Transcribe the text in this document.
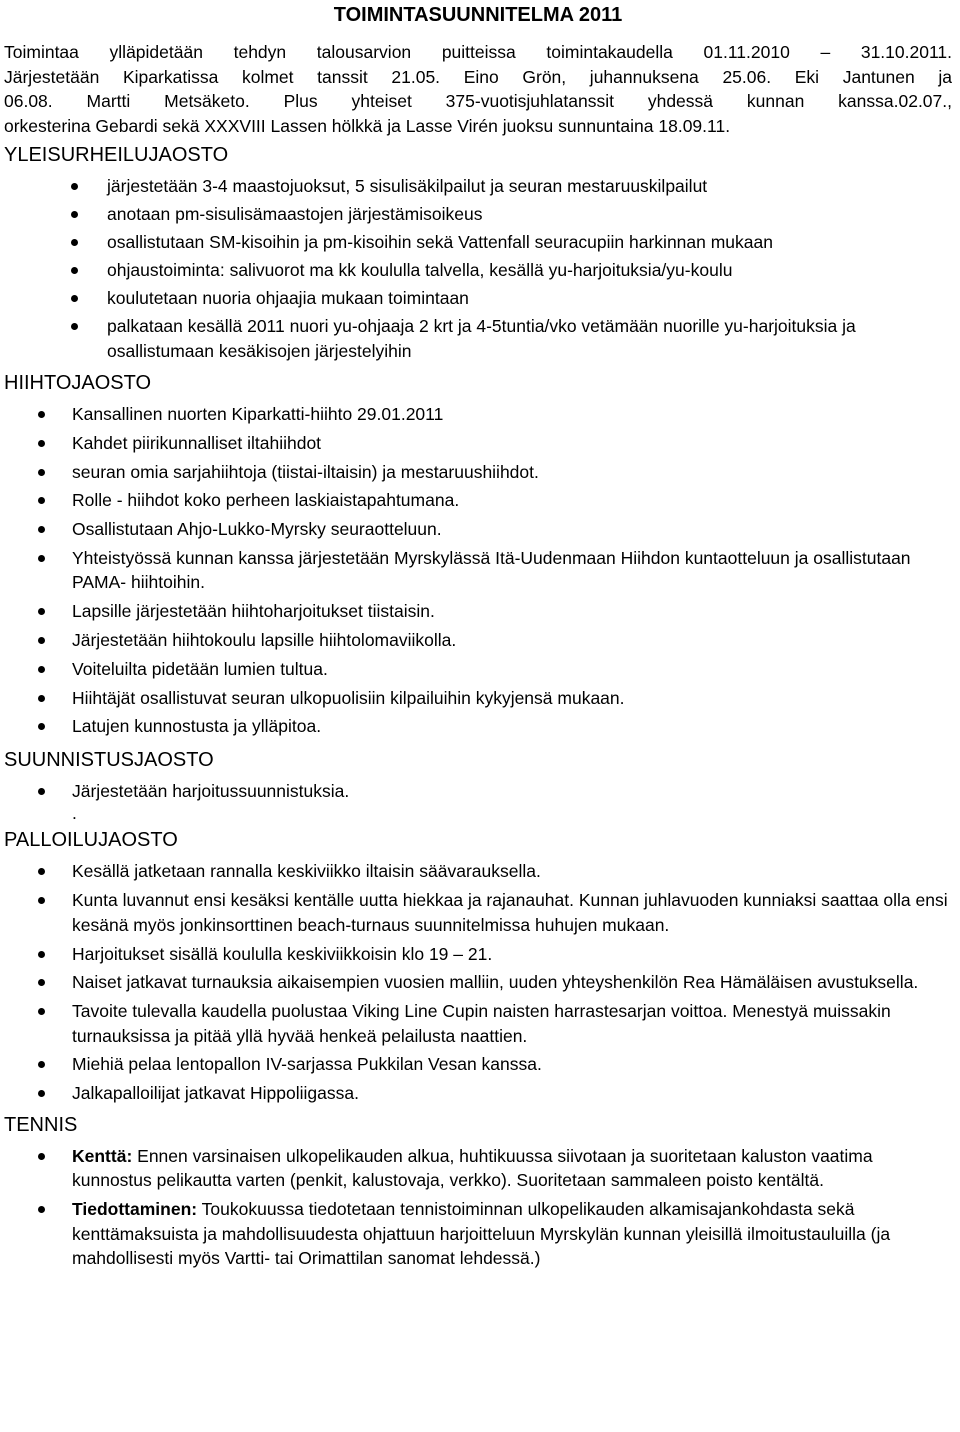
TOIMINTASUUNNITELMA 2011

Toimintaa ylläpidetään tehdyn talousarvion puitteissa toimintakaudella 01.11.2010 – 31.10.2011.

Järjestetään Kiparkatissa kolmet tanssit 21.05. Eino Grön, juhannuksena 25.06. Eki Jantunen ja

06.08. Martti Metsäketo. Plus yhteiset 375-vuotisjuhlatanssit yhdessä kunnan kanssa.02.07.,

orkesterina Gebardi sekä XXXVIII Lassen hölkkä ja Lasse Virén juoksu sunnuntaina 18.09.11.

YLEISURHEILUJAOSTO
järjestetään 3-4 maastojuoksut, 5 sisulisäkilpailut ja seuran mestaruuskilpailut
anotaan pm-sisulisämaastojen järjestämisoikeus
osallistutaan SM-kisoihin ja pm-kisoihin sekä Vattenfall seuracupiin harkinnan mukaan
ohjaustoiminta: salivuorot ma kk koululla talvella, kesällä yu-harjoituksia/yu-koulu
koulutetaan nuoria ohjaajia mukaan toimintaan
palkataan kesällä 2011 nuori yu-ohjaaja 2 krt ja 4-5tuntia/vko vetämään nuorille yu-harjoituksia ja osallistumaan kesäkisojen järjestelyihin
HIIHTOJAOSTO
Kansallinen nuorten Kiparkatti-hiihto 29.01.2011
Kahdet piirikunnalliset iltahiihdot
seuran omia sarjahiihtoja (tiistai-iltaisin) ja mestaruushiihdot.
Rolle - hiihdot koko perheen laskiaistapahtumana.
Osallistutaan Ahjo-Lukko-Myrsky seuraotteluun.
Yhteistyössä kunnan kanssa järjestetään Myrskylässä Itä-Uudenmaan Hiihdon kuntaotteluun ja osallistutaan PAMA- hiihtoihin.
Lapsille järjestetään hiihtoharjoitukset tiistaisin.
Järjestetään hiihtokoulu lapsille hiihtolomaviikolla.
Voiteluilta pidetään lumien tultua.
Hiihtäjät osallistuvat seuran ulkopuolisiin kilpailuihin kykyjensä mukaan.
Latujen kunnostusta ja ylläpitoa.
SUUNNISTUSJAOSTO
Järjestetään harjoitussuunnistuksia.
.
PALLOILUJAOSTO
Kesällä jatketaan rannalla keskiviikko iltaisin säävarauksella.
Kunta luvannut ensi kesäksi kentälle uutta hiekkaa ja rajanauhat. Kunnan juhlavuoden kunniaksi saattaa olla ensi kesänä myös jonkinsorttinen beach-turnaus suunnitelmissa huhujen mukaan.
Harjoitukset sisällä koululla keskiviikkoisin klo 19 – 21.
Naiset jatkavat turnauksia aikaisempien vuosien malliin, uuden yhteyshenkilön Rea Hämäläisen avustuksella.
Tavoite tulevalla kaudella puolustaa Viking Line Cupin naisten harrastesarjan voittoa. Menestyä muissakin turnauksissa ja pitää yllä hyvää henkeä pelailusta naattien.
Miehiä pelaa lentopallon IV-sarjassa Pukkilan Vesan kanssa.
Jalkapalloilijat jatkavat Hippoliigassa.
TENNIS
Kenttä: Ennen varsinaisen ulkopelikauden alkua, huhtikuussa siivotaan ja suoritetaan kaluston vaatima kunnostus pelikautta varten (penkit, kalustovaja, verkko). Suoritetaan sammaleen poisto kentältä.
Tiedottaminen: Toukokuussa tiedotetaan tennistoiminnan ulkopelikauden alkamisajankohdasta sekä kenttämaksuista ja mahdollisuudesta ohjattuun harjoitteluun Myrskylän kunnan yleisillä ilmoitustauluilla (ja mahdollisesti myös Vartti- tai Orimattilan sanomat lehdessä.)
